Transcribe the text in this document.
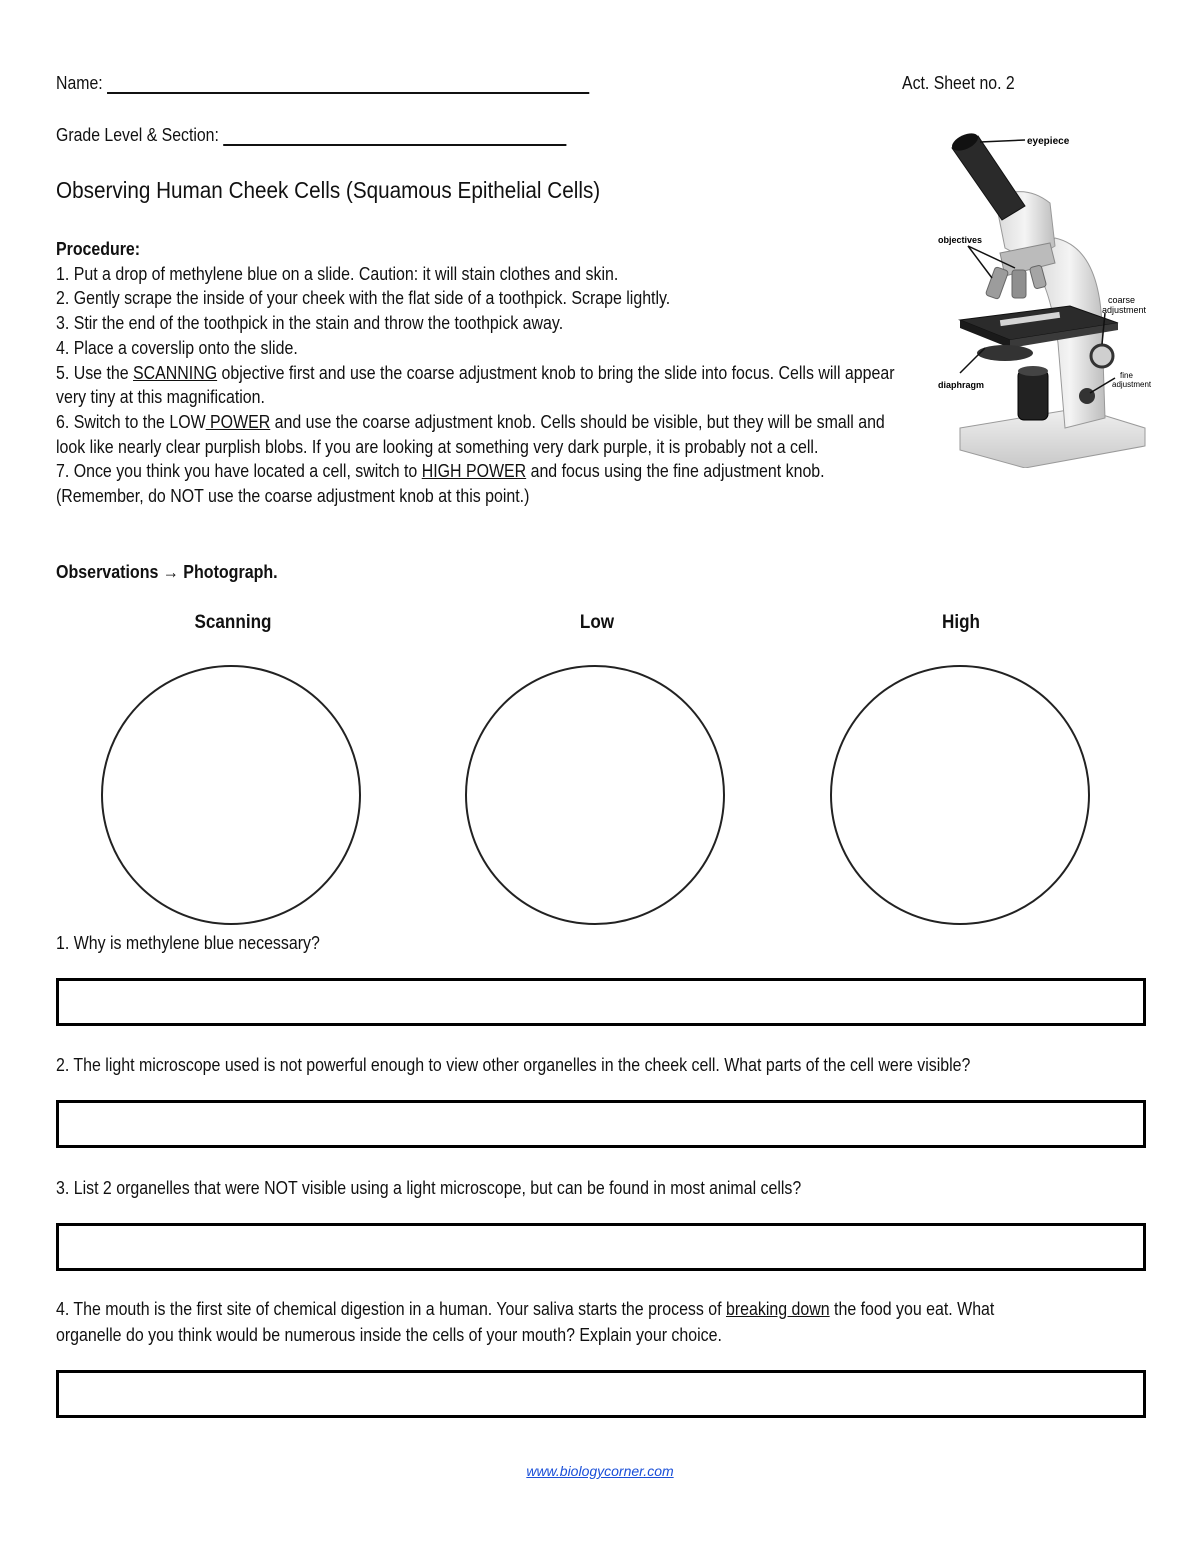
Name:	Act. Sheet no. 2
Grade Level & Section:
Observing Human Cheek Cells (Squamous Epithelial Cells)

Procedure:

1. Put a drop of methylene blue on a slide. Caution: it will stain clothes and skin.

2. Gently scrape the inside of your cheek with the flat side of a toothpick. Scrape lightly.

3. Stir the end of the toothpick in the stain and throw the toothpick away.

4. Place a coverslip onto the slide.

5. Use the SCANNING objective first and use the coarse adjustment knob to bring the slide into focus. Cells will appear very tiny at this magnification.

6. Switch to the LOW POWER and use the coarse adjustment knob. Cells should be visible, but they will be small and look like nearly clear purplish blobs. If you are looking at something very dark purple, it is probably not a cell.

7. Once you think you have located a cell, switch to HIGH POWER and focus using the fine adjustment knob. (Remember, do NOT use the coarse adjustment knob at this point.)

eyepiece
objectives
coarse
adjustment
fine
adjustment
diaphragm
Observations → Photograph.
Scanning	Low	High
1. Why is methylene blue necessary?
2. The light microscope used is not powerful enough to view other organelles in the cheek cell. What parts of the cell were visible?
3. List 2 organelles that were NOT visible using a light microscope, but can be found in most animal cells?
4. The mouth is the first site of chemical digestion in a human. Your saliva starts the process of breaking down the food you eat. What
organelle do you think would be numerous inside the cells of your mouth? Explain your choice.
www.biologycorner.com
